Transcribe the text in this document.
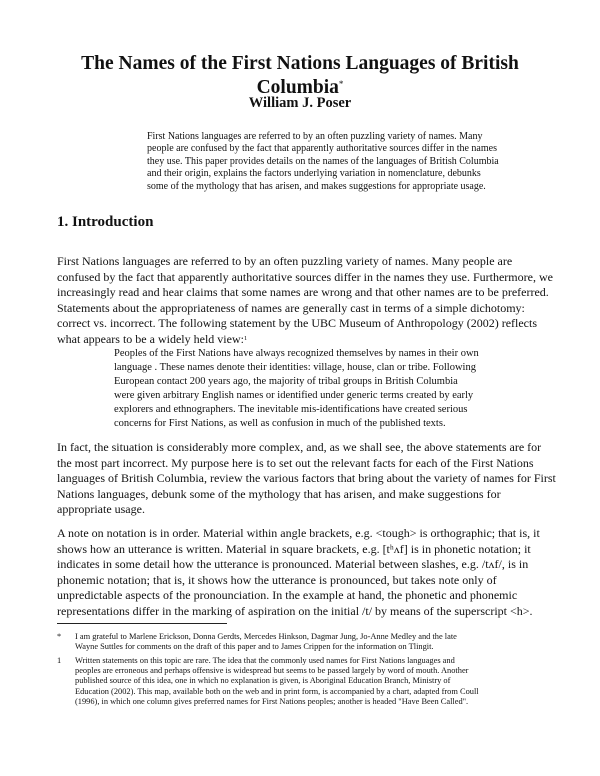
The Names of the First Nations Languages of British Columbia*
William J. Poser

First Nations languages are referred to by an often puzzling variety of names. Many
people are confused by the fact that apparently authoritative sources differ in the names
they use. This paper provides details on the names of the languages of British Columbia
and their origin, explains the factors underlying variation in nomenclature, debunks
some of the mythology that has arisen, and makes suggestions for appropriate usage.

1. Introduction

First Nations languages are referred to by an often puzzling variety of names. Many people are
confused by the fact that apparently authoritative sources differ in the names they use. Furthermore, we
increasingly read and hear claims that some names are wrong and that other names are to be preferred.
Statements about the appropriateness of names are generally cast in terms of a simple dichotomy:
correct vs. incorrect. The following statement by the UBC Museum of Anthropology (2002) reflects
what appears to be a widely held view:$^1$

Peoples of the First Nations have always recognized themselves by names in their own
language . These names denote their identities: village, house, clan or tribe. Following
European contact 200 years ago, the majority of tribal groups in British Columbia
were given arbitrary English names or identified under generic terms created by early
explorers and ethnographers. The inevitable mis-identifications have created serious
concerns for First Nations, as well as confusion in much of the published texts.

In fact, the situation is considerably more complex, and, as we shall see, the above statements are for
the most part incorrect. My purpose here is to set out the relevant facts for each of the First Nations
languages of British Columbia, review the various factors that bring about the variety of names for First
Nations languages, debunk some of the mythology that has arisen, and make suggestions for
appropriate usage.

A note on notation is in order. Material within angle brackets, e.g. <tough> is orthographic; that is, it
shows how an utterance is written. Material in square brackets, e.g. [tʰʌf] is in phonetic notation; it
indicates in some detail how the utterance is pronounced. Material between slashes, e.g. /tʌf/, is in
phonemic notation; that is, it shows how the utterance is pronounced, but takes note only of
unpredictable aspects of the pronounciation. In the example at hand, the phonetic and phonemic
representations differ in the marking of aspiration on the initial /t/ by means of the superscript <h>.

* I am grateful to Marlene Erickson, Donna Gerdts, Mercedes Hinkson, Dagmar Jung, Jo-Anne Medley and the late
Wayne Suttles for comments on the draft of this paper and to James Crippen for the information on Tlingit.
1 Written statements on this topic are rare. The idea that the commonly used names for First Nations languages and
peoples are erroneous and perhaps offensive is widespread but seems to be passed largely by word of mouth. Another
published source of this idea, one in which no explanation is given, is Aboriginal Education Branch, Ministry of
Education (2002). This map, available both on the web and in print form, is accompanied by a chart, adapted from Coull
(1996), in which one column gives preferred names for First Nations peoples; another is headed "Have Been Called".
